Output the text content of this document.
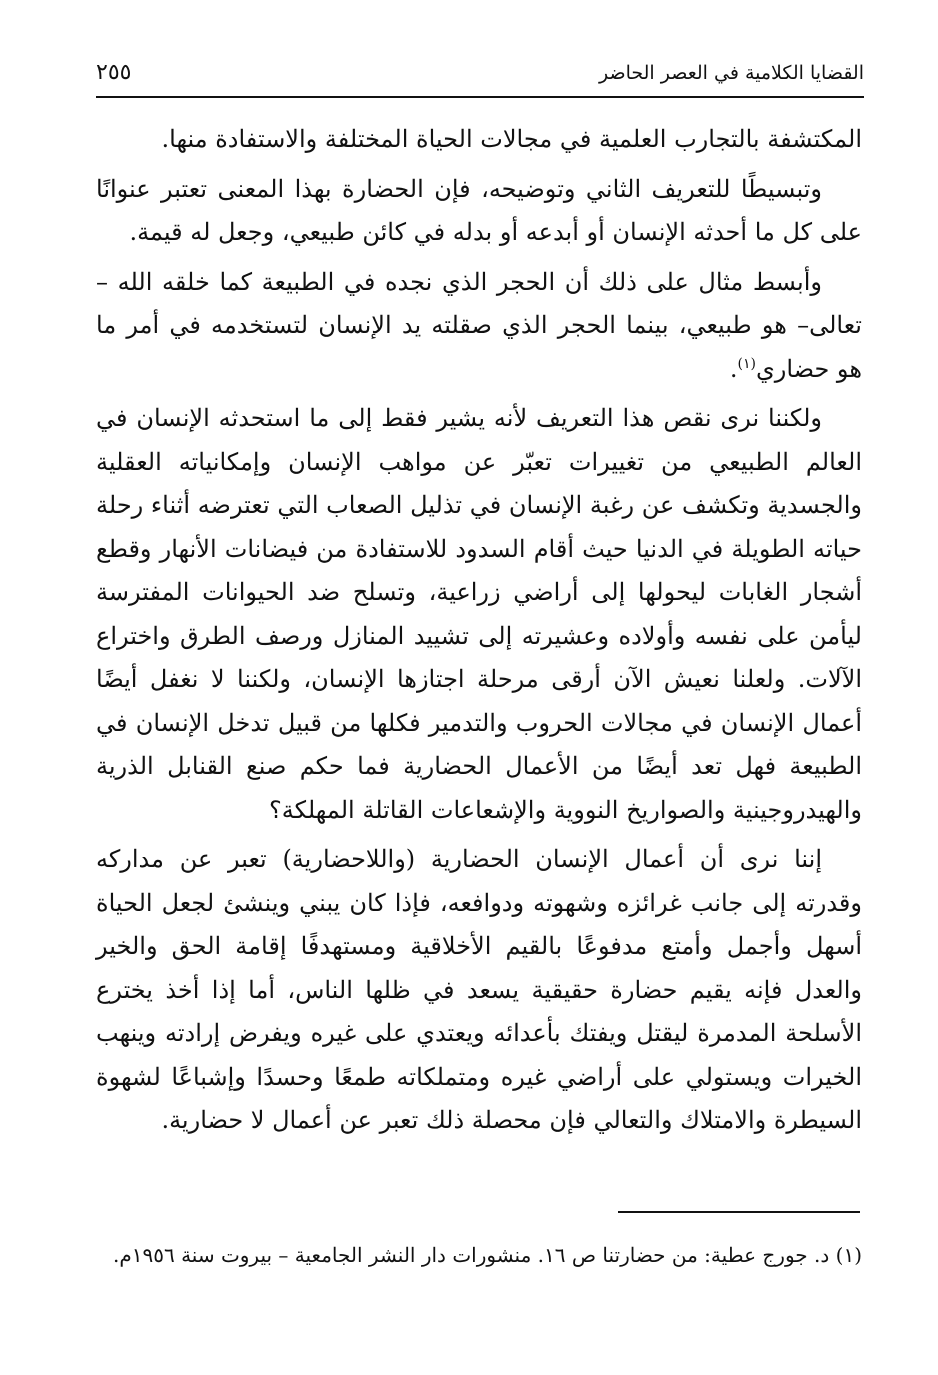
القضايا الكلامية في العصر الحاضر
٢٥٥

المكتشفة بالتجارب العلمية في مجالات الحياة المختلفة والاستفادة منها.

وتبسيطًا للتعريف الثاني وتوضيحه، فإن الحضارة بهذا المعنى تعتبر عنوانًا على كل ما أحدثه الإنسان أو أبدعه أو بدله في كائن طبيعي، وجعل له قيمة.

وأبسط مثال على ذلك أن الحجر الذي نجده في الطبيعة كما خلقه الله – تعالى– هو طبيعي، بينما الحجر الذي صقلته يد الإنسان لتستخدمه في أمر ما هو حضاري$^{(١)}$.

ولكننا نرى نقص هذا التعريف لأنه يشير فقط إلى ما استحدثه الإنسان في العالم الطبيعي من تغييرات تعبّر عن مواهب الإنسان وإمكانياته العقلية والجسدية وتكشف عن رغبة الإنسان في تذليل الصعاب التي تعترضه أثناء رحلة حياته الطويلة في الدنيا حيث أقام السدود للاستفادة من فيضانات الأنهار وقطع أشجار الغابات ليحولها إلى أراضي زراعية، وتسلح ضد الحيوانات المفترسة ليأمن على نفسه وأولاده وعشيرته إلى تشييد المنازل ورصف الطرق واختراع الآلات. ولعلنا نعيش الآن أرقى مرحلة اجتازها الإنسان، ولكننا لا نغفل أيضًا أعمال الإنسان في مجالات الحروب والتدمير فكلها من قبيل تدخل الإنسان في الطبيعة فهل تعد أيضًا من الأعمال الحضارية فما حكم صنع القنابل الذرية والهيدروجينية والصواريخ النووية والإشعاعات القاتلة المهلكة؟

إننا نرى أن أعمال الإنسان الحضارية (واللاحضارية) تعبر عن مداركه وقدرته إلى جانب غرائزه وشهوته ودوافعه، فإذا كان يبني وينشئ لجعل الحياة أسهل وأجمل وأمتع مدفوعًا بالقيم الأخلاقية ومستهدفًا إقامة الحق والخير والعدل فإنه يقيم حضارة حقيقية يسعد في ظلها الناس، أما إذا أخذ يخترع الأسلحة المدمرة ليقتل ويفتك بأعدائه ويعتدي على غيره ويفرض إرادته وينهب الخيرات ويستولي على أراضي غيره ومتملكاته طمعًا وحسدًا وإشباعًا لشهوة السيطرة والامتلاك والتعالي فإن محصلة ذلك تعبر عن أعمال لا حضارية.

(١) د. جورج عطية: من حضارتنا ص ١٦. منشورات دار النشر الجامعية – بيروت سنة ١٩٥٦م.
